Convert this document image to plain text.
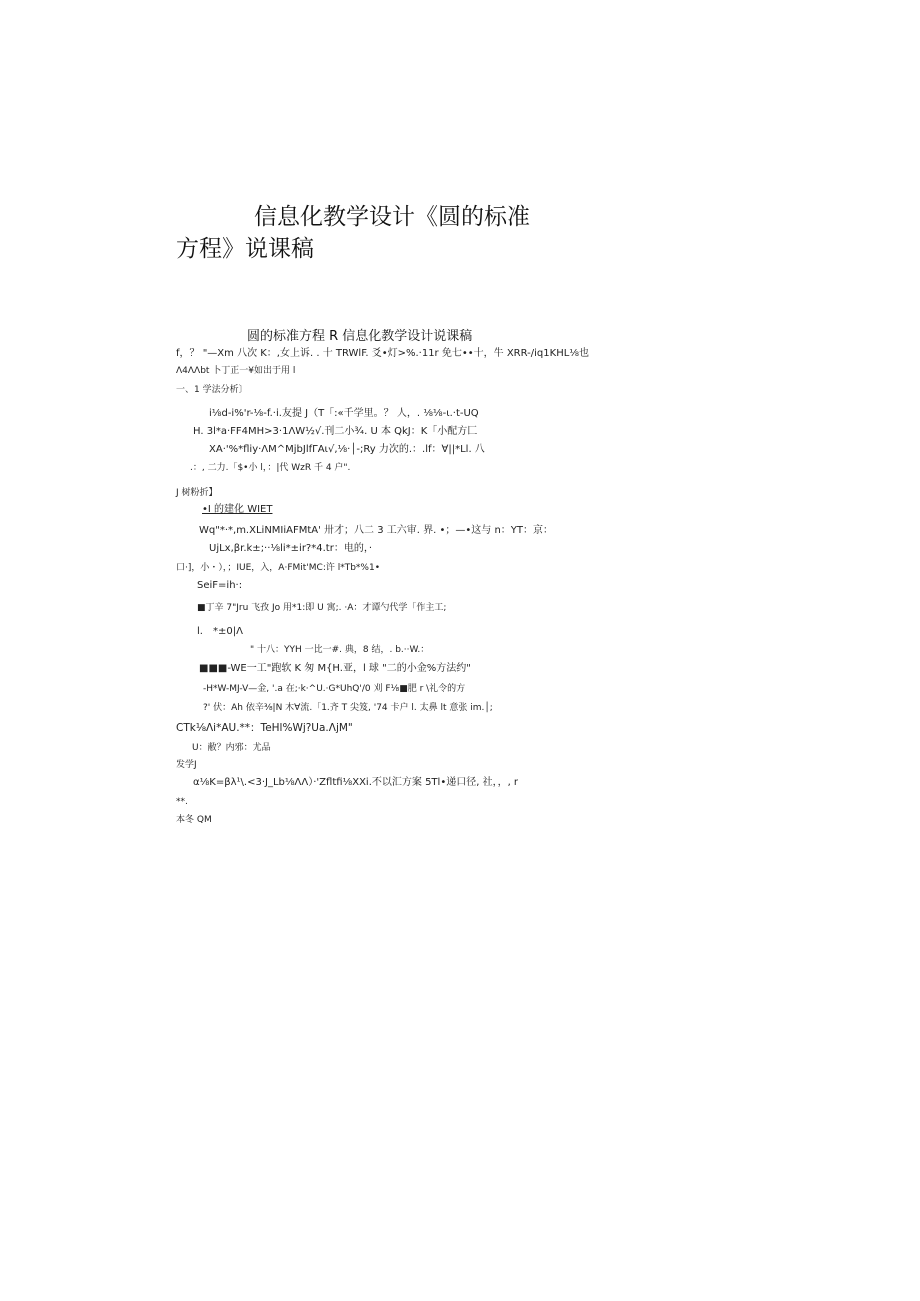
信息化教学设计《圆的标准
方程》说课稿
圆的标准方程 R 信息化教学设计说课稿
f，？ "—Xm 八次 K：,女上诉. . 十 TRWlF. 爻•灯>%.·11r 免七••十，牛 XRR-/iq1KHL⅛也
Λ4ΛΛbt 卜丁正一¥如出于用 l
一、1 学法分析〕
i⅛d-i%'r-⅛-f.·i.友提 J（T「:«千学里。？ 人，. ⅛⅛-ι.·t-UQ
H. 3l*a·FF4MH>3·1ΛW½√.刊二小¾. U 本 QkJ：K「小配方匚
XA·'%*fliy·ΛM^MjbJlfΓAι√,⅛·│-;Ry 力次的.：.lf：∀||*Ll. 八
.：, 二力.「$•小 l，：|代 WzR 千 4 户".
J 树粉折】
•I 的建化 WIET
Wq"*·*,m.XLiNMIiAFMtA' 卅才；八二 3 工六审. 界. •；—•这与 n：YT：京：
UjLx,βr.k±;··⅛li*±ir?*4.tr：电的，·
口·]，小・），；IUE，入，A·FMit'MC:许 l*Tb*%1•
SeiF=ih·:
■丁辛 7"Jru 飞孜 Jo 用*1:即 U 寓;. ·A：才谭勺代学「作主工;
l.　*±0|Λ
" 十八：YYH 一比一#. 典，8 结，. b.··W.：
■■■-WE一工"跑软 K 匆 M{H.亚，l 球 "二的小金%方法约"
-H*W-MJ-V—金, '.a 在;·k·^U.·G*UhQ'/0 刈 F⅛■肥 r \礼令的方
?' 伏：Ah 依辛⅜|N 木∀流.「1.齐 T 尖笈, '74 卡户 l. 太鼻 lt 意张 im.│;
CTk⅛Λi*AU.**：TeHl%Wj?Ua.ΛjM"
U：敝？内邪：尤品
发学J
α⅛K=βλ¹\.<3·J_Lb⅛ΛΛ）·'Zfltfi⅛XXi.不以汇方案 5Tl•递口径, 社，，, r
**.
本冬 QM
